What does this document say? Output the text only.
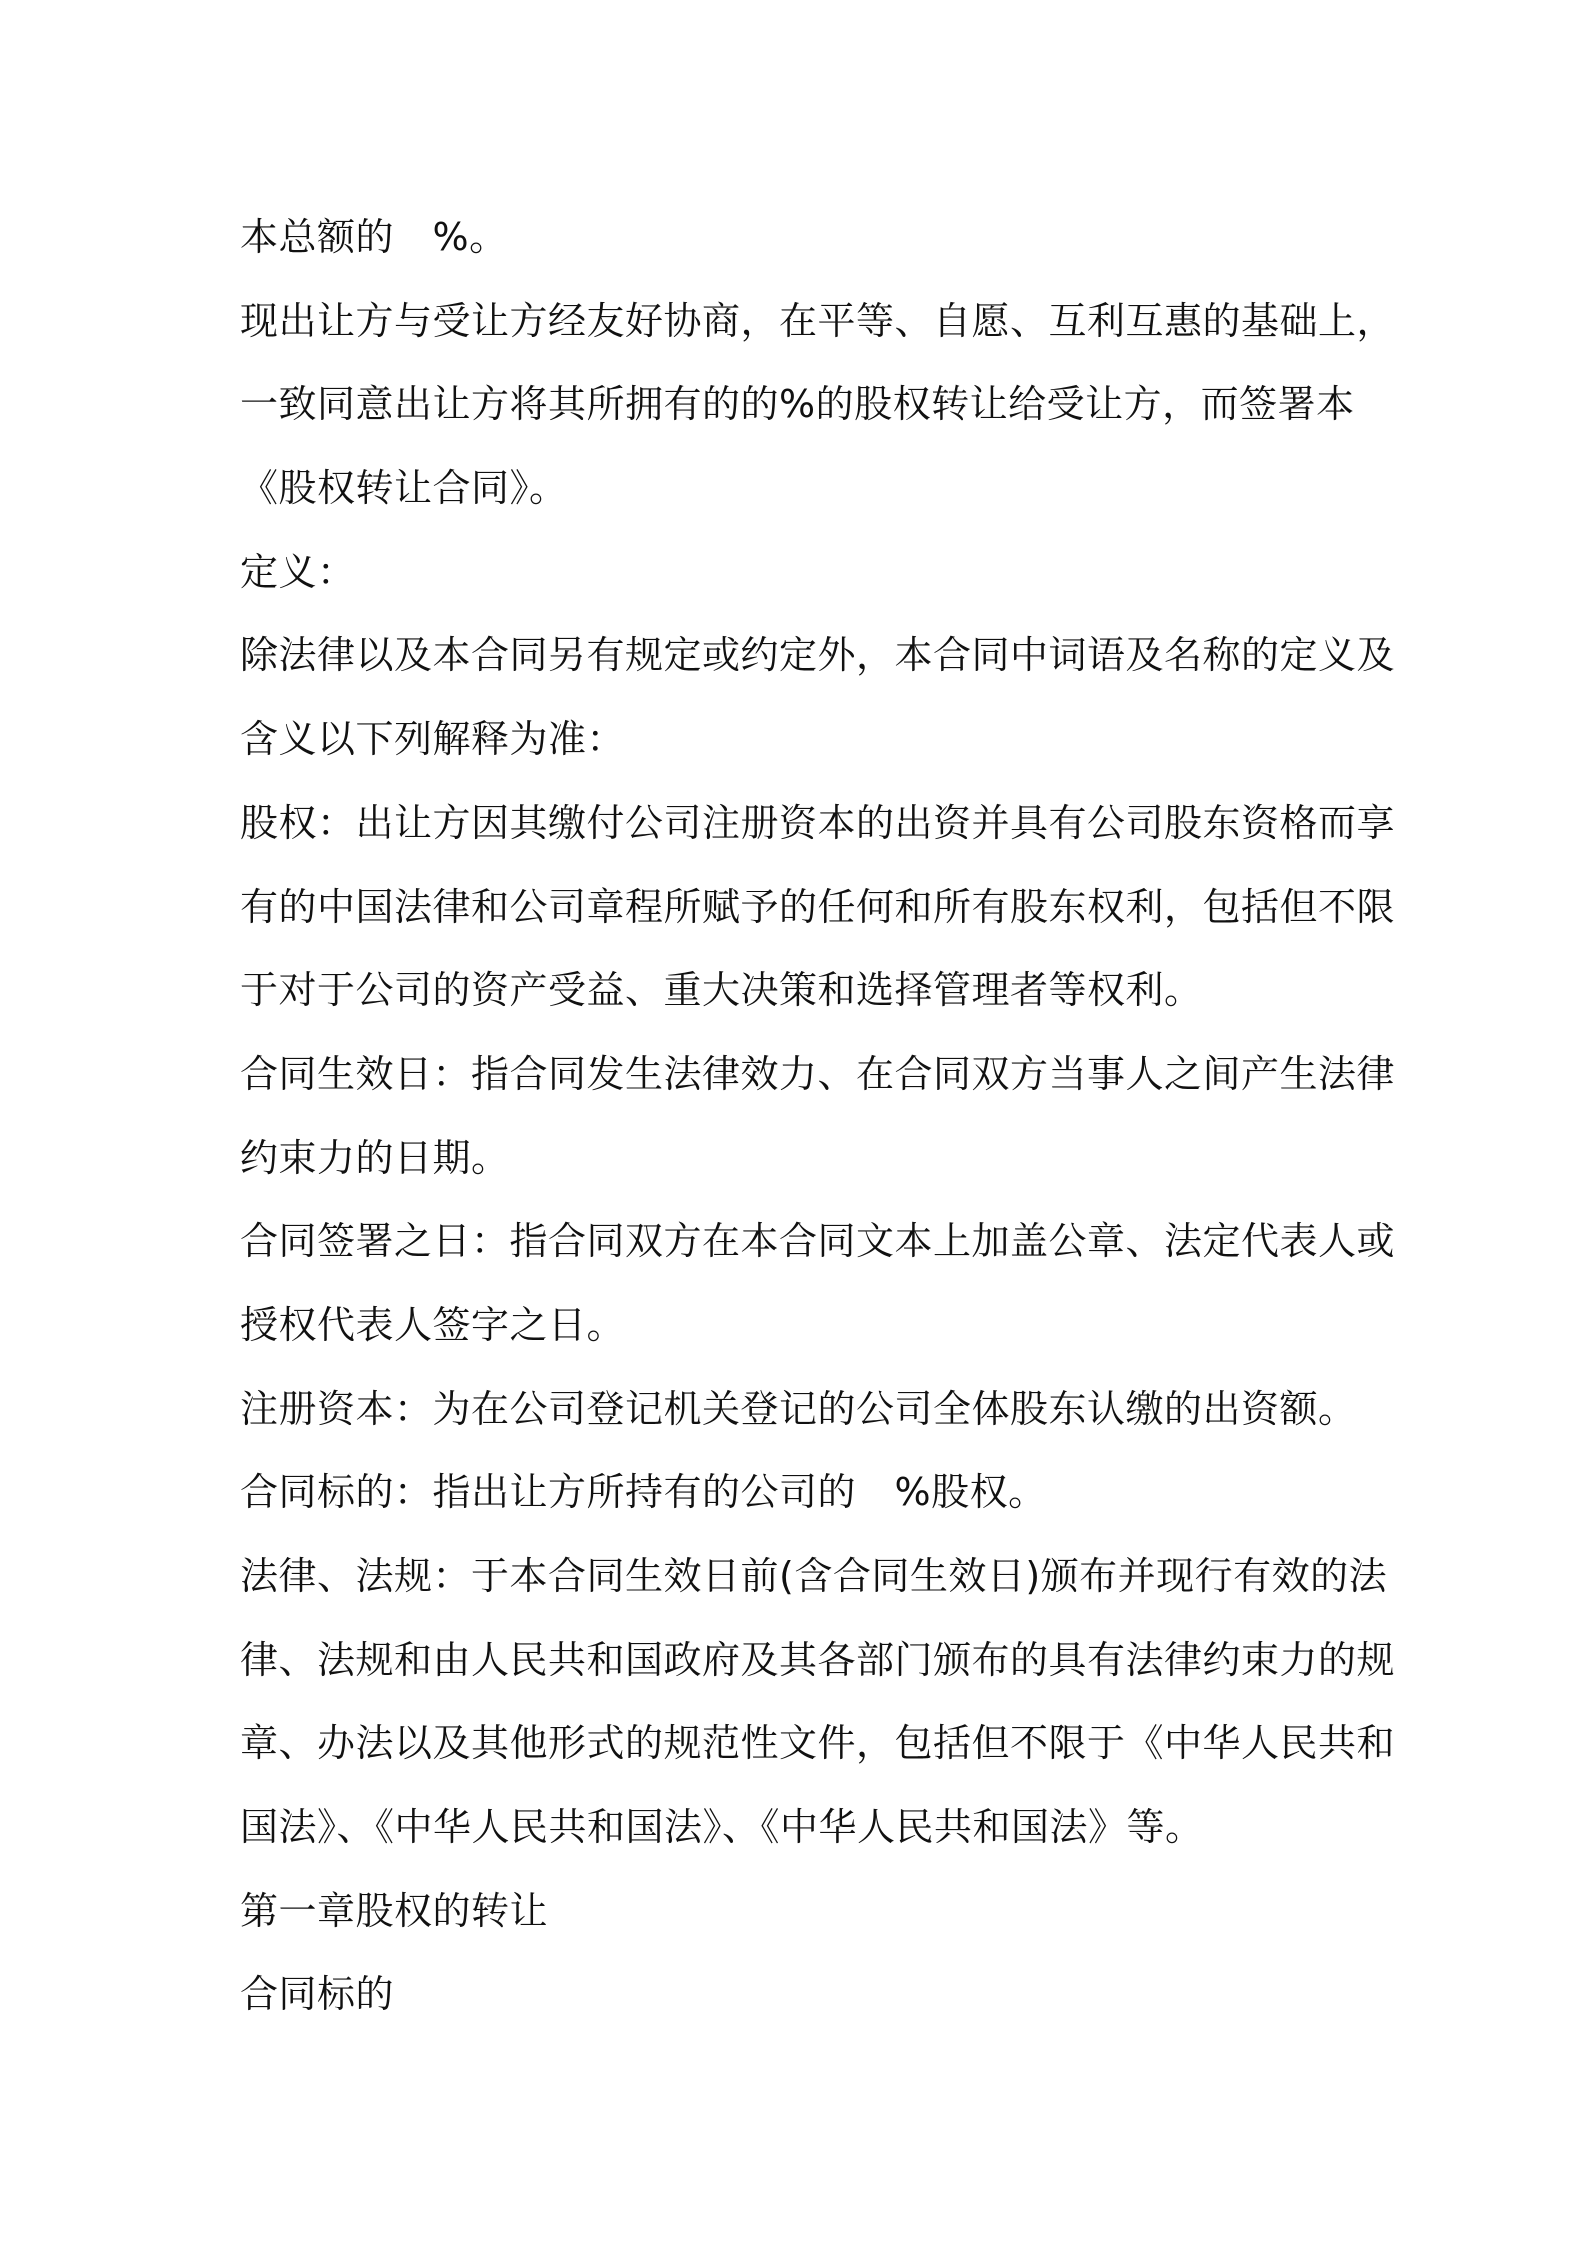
本总额的　%。
现出让方与受让方经友好协商，在平等、自愿、互利互惠的基础上，
一致同意出让方将其所拥有的的%的股权转让给受让方，而签署本
《股权转让合同》。
定义：
除法律以及本合同另有规定或约定外，本合同中词语及名称的定义及
含义以下列解释为准：
股权：出让方因其缴付公司注册资本的出资并具有公司股东资格而享
有的中国法律和公司章程所赋予的任何和所有股东权利，包括但不限
于对于公司的资产受益、重大决策和选择管理者等权利。
合同生效日：指合同发生法律效力、在合同双方当事人之间产生法律
约束力的日期。
合同签署之日：指合同双方在本合同文本上加盖公章、法定代表人或
授权代表人签字之日。
注册资本：为在公司登记机关登记的公司全体股东认缴的出资额。
合同标的：指出让方所持有的公司的　%股权。
法律、法规：于本合同生效日前(含合同生效日)颁布并现行有效的法
律、法规和由人民共和国政府及其各部门颁布的具有法律约束力的规
章、办法以及其他形式的规范性文件，包括但不限于《中华人民共和
国法》、《中华人民共和国法》、《中华人民共和国法》等。
第一章股权的转让
合同标的
